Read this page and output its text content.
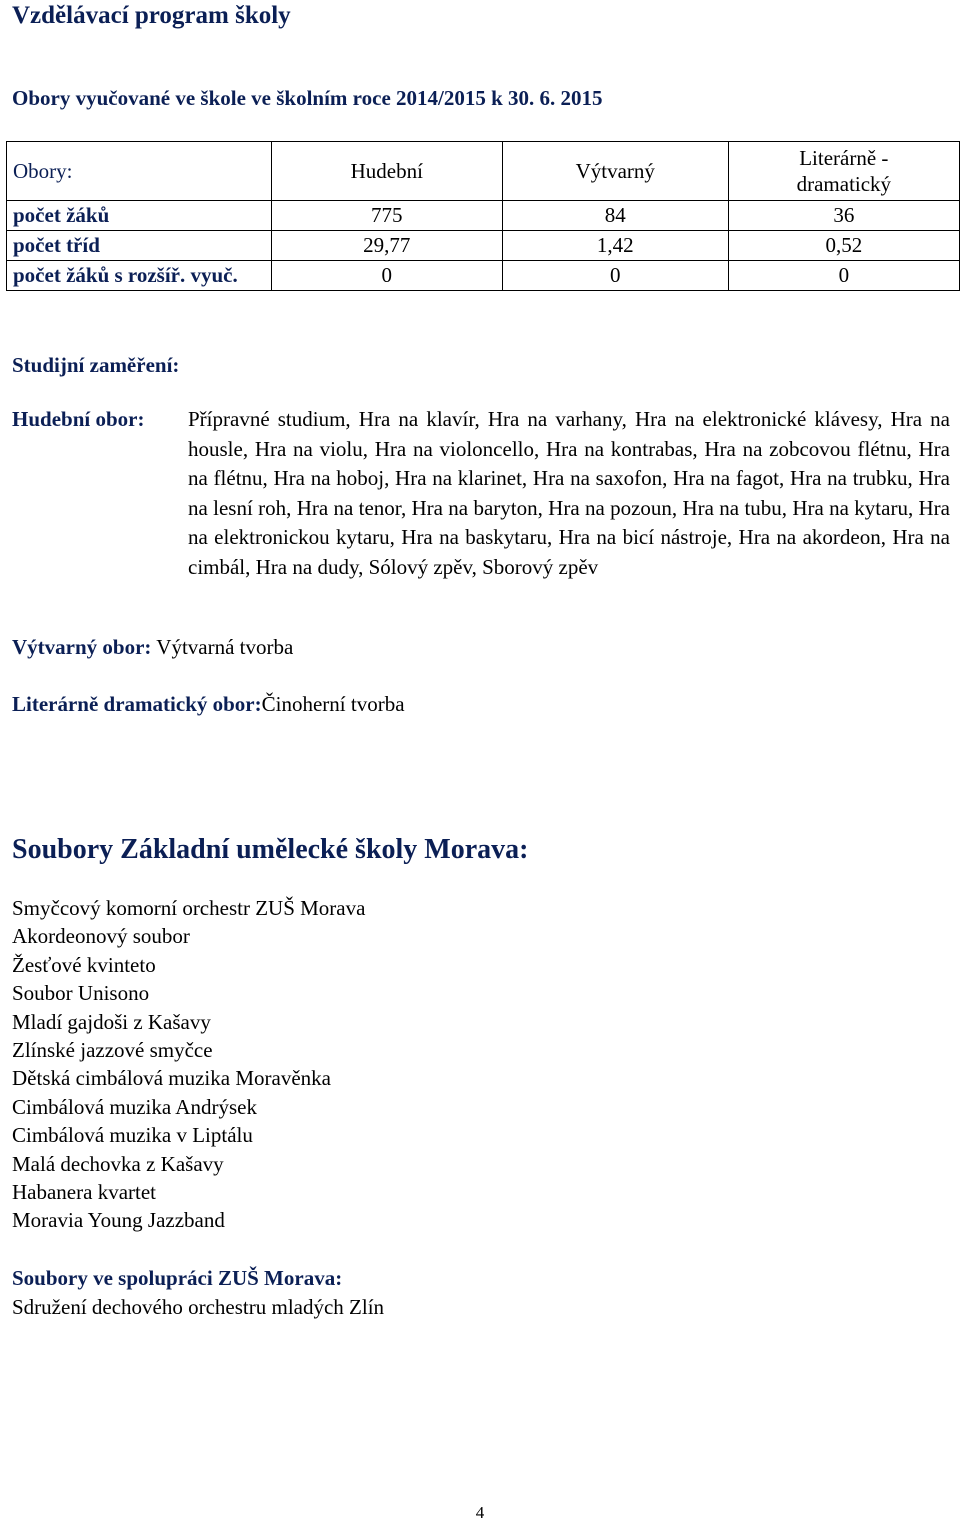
Vzdělávací program školy
Obory vyučované ve škole ve školním roce 2014/2015 k 30. 6. 2015
Obory:	Hudební	Výtvarný	Literárně - dramatický
počet žáků	775	84	36
počet tříd	29,77	1,42	0,52
počet žáků s rozšíř. vyuč.	0	0	0
Studijní zaměření:
Hudební obor: Přípravné studium, Hra na klavír, Hra na varhany, Hra na elektronické klávesy, Hra na housle, Hra na violu, Hra na violoncello, Hra na kontrabas, Hra na zobcovou flétnu, Hra na flétnu, Hra na hoboj, Hra na klarinet, Hra na saxofon, Hra na fagot, Hra na trubku, Hra na lesní roh, Hra na tenor, Hra na baryton, Hra na pozoun, Hra na tubu, Hra na kytaru, Hra na elektronickou kytaru, Hra na baskytaru, Hra na bicí nástroje, Hra na akordeon, Hra na cimbál, Hra na dudy, Sólový zpěv, Sborový zpěv
Výtvarný obor: Výtvarná tvorba
Literárně dramatický obor:Činoherní tvorba
Soubory Základní umělecké školy Morava:
Smyčcový komorní orchestr ZUŠ Morava
Akordeonový soubor
Žesťové kvinteto
Soubor Unisono
Mladí gajdoši z Kašavy
Zlínské jazzové smyčce
Dětská cimbálová muzika Moravěnka
Cimbálová muzika Andrýsek
Cimbálová muzika v Liptálu
Malá dechovka z Kašavy
Habanera kvartet
Moravia Young Jazzband
Soubory ve spolupráci ZUŠ Morava:
Sdružení dechového orchestru mladých Zlín
4
